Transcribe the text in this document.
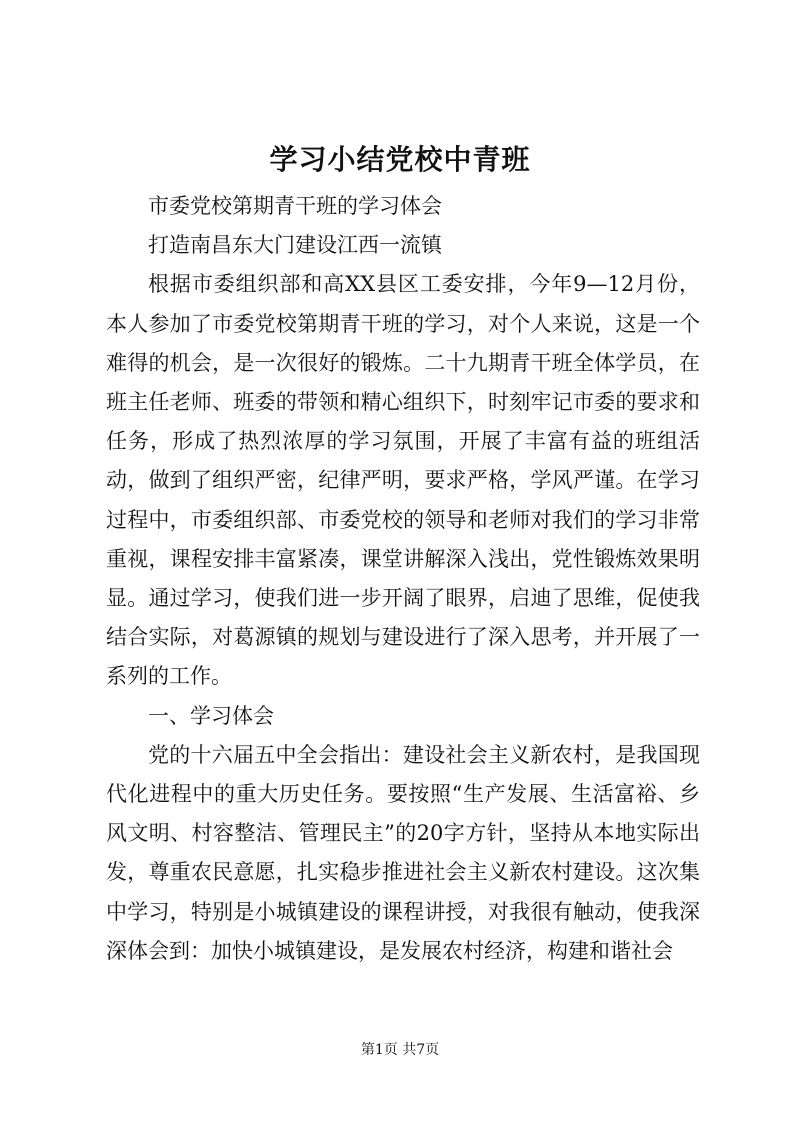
学习小结党校中青班

市委党校第期青干班的学习体会

打造南昌东大门建设江西一流镇

根据市委组织部和高XX县区工委安排，今年9—12月份，本人参加了市委党校第期青干班的学习，对个人来说，这是一个难得的机会，是一次很好的锻炼。二十九期青干班全体学员，在班主任老师、班委的带领和精心组织下，时刻牢记市委的要求和任务，形成了热烈浓厚的学习氛围，开展了丰富有益的班组活动，做到了组织严密，纪律严明，要求严格，学风严谨。在学习过程中，市委组织部、市委党校的领导和老师对我们的学习非常重视，课程安排丰富紧凑，课堂讲解深入浅出，党性锻炼效果明显。通过学习，使我们进一步开阔了眼界，启迪了思维，促使我结合实际，对葛源镇的规划与建设进行了深入思考，并开展了一系列的工作。

一、学习体会

党的十六届五中全会指出：建设社会主义新农村，是我国现代化进程中的重大历史任务。要按照“生产发展、生活富裕、乡风文明、村容整洁、管理民主”的20字方针，坚持从本地实际出发，尊重农民意愿，扎实稳步推进社会主义新农村建设。这次集中学习，特别是小城镇建设的课程讲授，对我很有触动，使我深深体会到：加快小城镇建设，是发展农村经济，构建和谐社会

第1页 共7页
